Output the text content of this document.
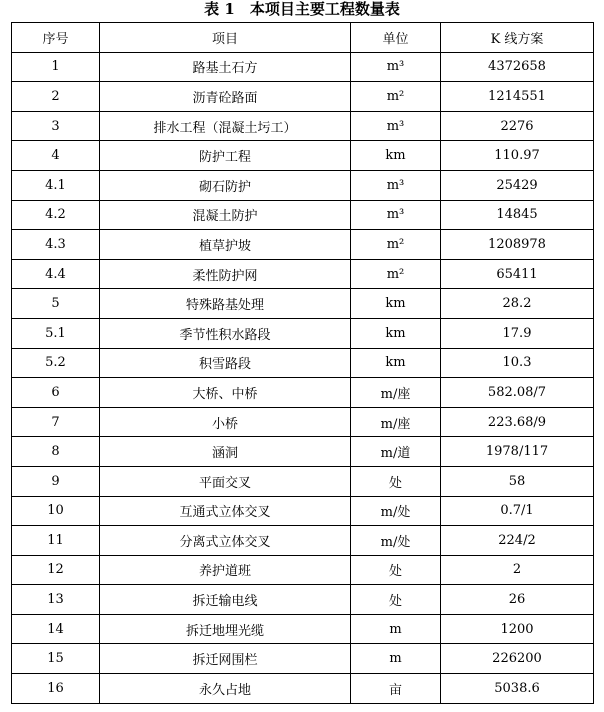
表 1　本项目主要工程数量表
序号	项目	单位	K 线方案
1	路基土石方	m³	4372658
2	沥青砼路面	m²	1214551
3	排水工程（混凝土圬工）	m³	2276
4	防护工程	km	110.97
4.1	砌石防护	m³	25429
4.2	混凝土防护	m³	14845
4.3	植草护坡	m²	1208978
4.4	柔性防护网	m²	65411
5	特殊路基处理	km	28.2
5.1	季节性积水路段	km	17.9
5.2	积雪路段	km	10.3
6	大桥、中桥	m/座	582.08/7
7	小桥	m/座	223.68/9
8	涵洞	m/道	1978/117
9	平面交叉	处	58
10	互通式立体交叉	m/处	0.7/1
11	分离式立体交叉	m/处	224/2
12	养护道班	处	2
13	拆迁输电线	处	26
14	拆迁地埋光缆	m	1200
15	拆迁网围栏	m	226200
16	永久占地	亩	5038.6
